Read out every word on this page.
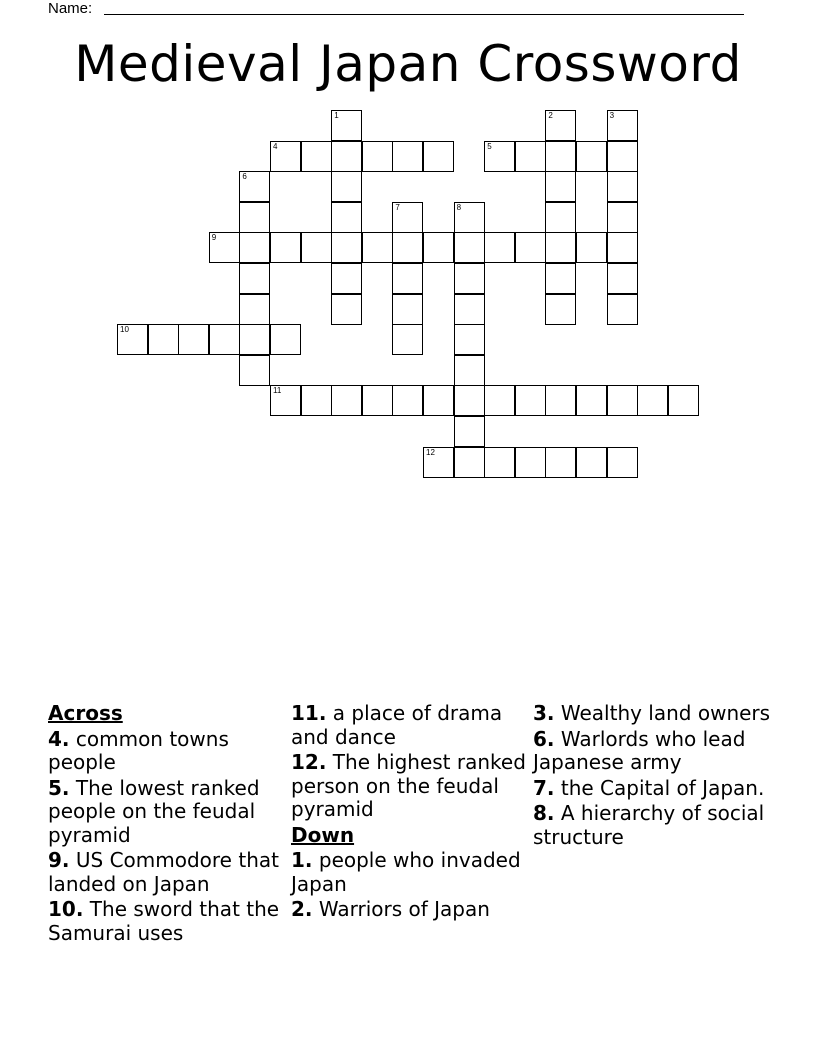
Name:
Medieval Japan Crossword
4	5
9
10
11
12
1	2	3
6
7	8
Across
4. common towns people
5. The lowest ranked people on the feudal pyramid
9. US Commodore that landed on Japan
10. The sword that the Samurai uses
11. a place of drama and dance
12. The highest ranked person on the feudal pyramid
Down
1. people who invaded Japan
2. Warriors of Japan
3. Wealthy land owners
6. Warlords who lead Japanese army
7. the Capital of Japan.
8. A hierarchy of social structure
